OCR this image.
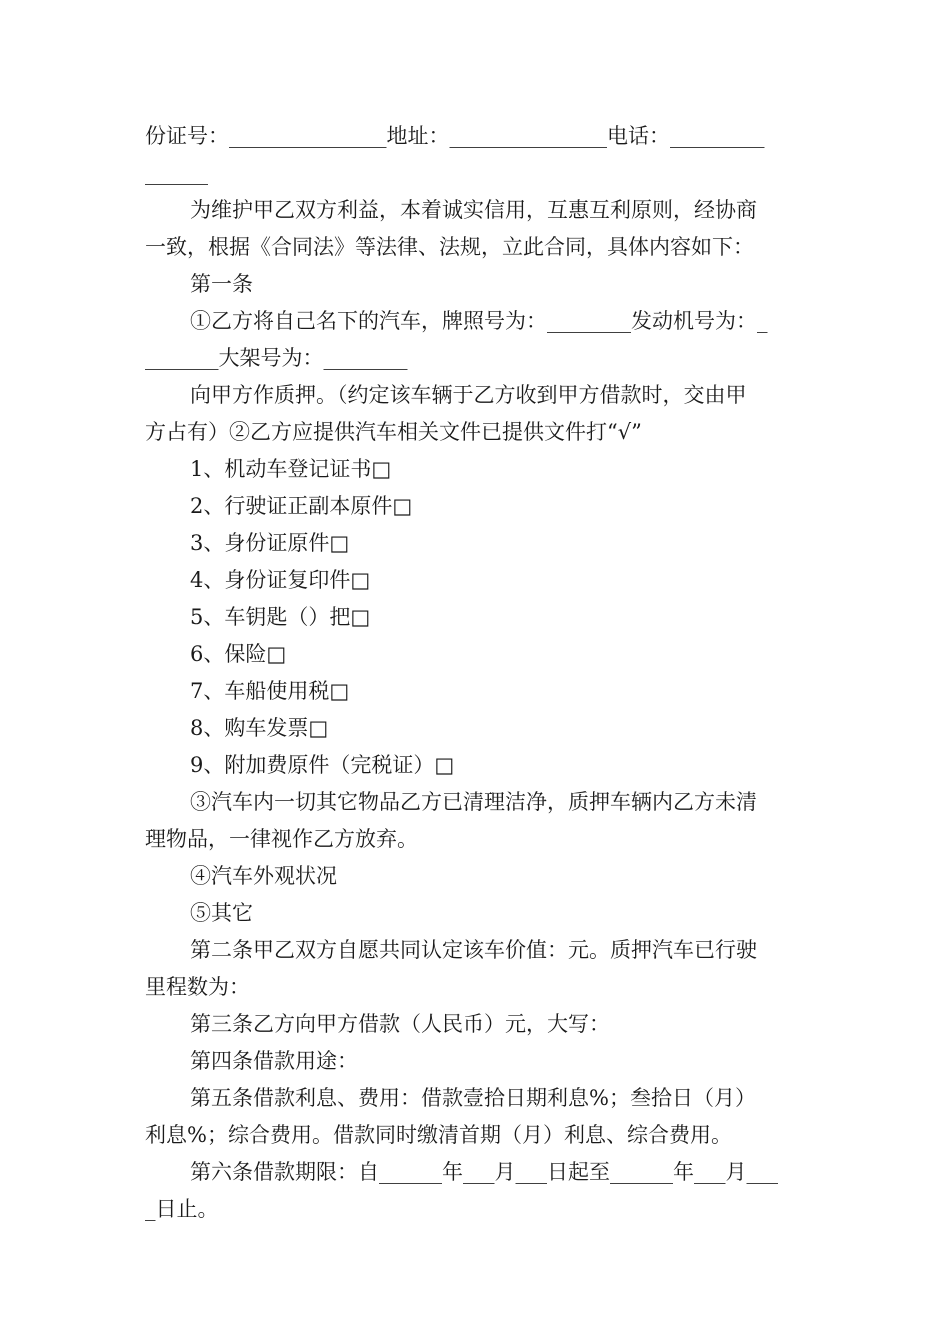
份证号：_______________地址：_______________电话：_________
______
为维护甲乙双方利益，本着诚实信用，互惠互利原则，经协商
一致，根据《合同法》等法律、法规，立此合同，具体内容如下：
第一条
①乙方将自己名下的汽车，牌照号为：________发动机号为：_
_______大架号为：________
向甲方作质押。（约定该车辆于乙方收到甲方借款时，交由甲
方占有）②乙方应提供汽车相关文件已提供文件打“√”
1、机动车登记证书□
2、行驶证正副本原件□
3、身份证原件□
4、身份证复印件□
5、车钥匙（）把□
6、保险□
7、车船使用税□
8、购车发票□
9、附加费原件（完税证）□
③汽车内一切其它物品乙方已清理洁净，质押车辆内乙方未清
理物品，一律视作乙方放弃。
④汽车外观状况
⑤其它
第二条甲乙双方自愿共同认定该车价值：元。质押汽车已行驶
里程数为：
第三条乙方向甲方借款（人民币）元，大写：
第四条借款用途：
第五条借款利息、费用：借款壹拾日期利息%；叁拾日（月）
利息%；综合费用。借款同时缴清首期（月）利息、综合费用。
第六条借款期限：自______年___月___日起至______年___月___
_日止。
